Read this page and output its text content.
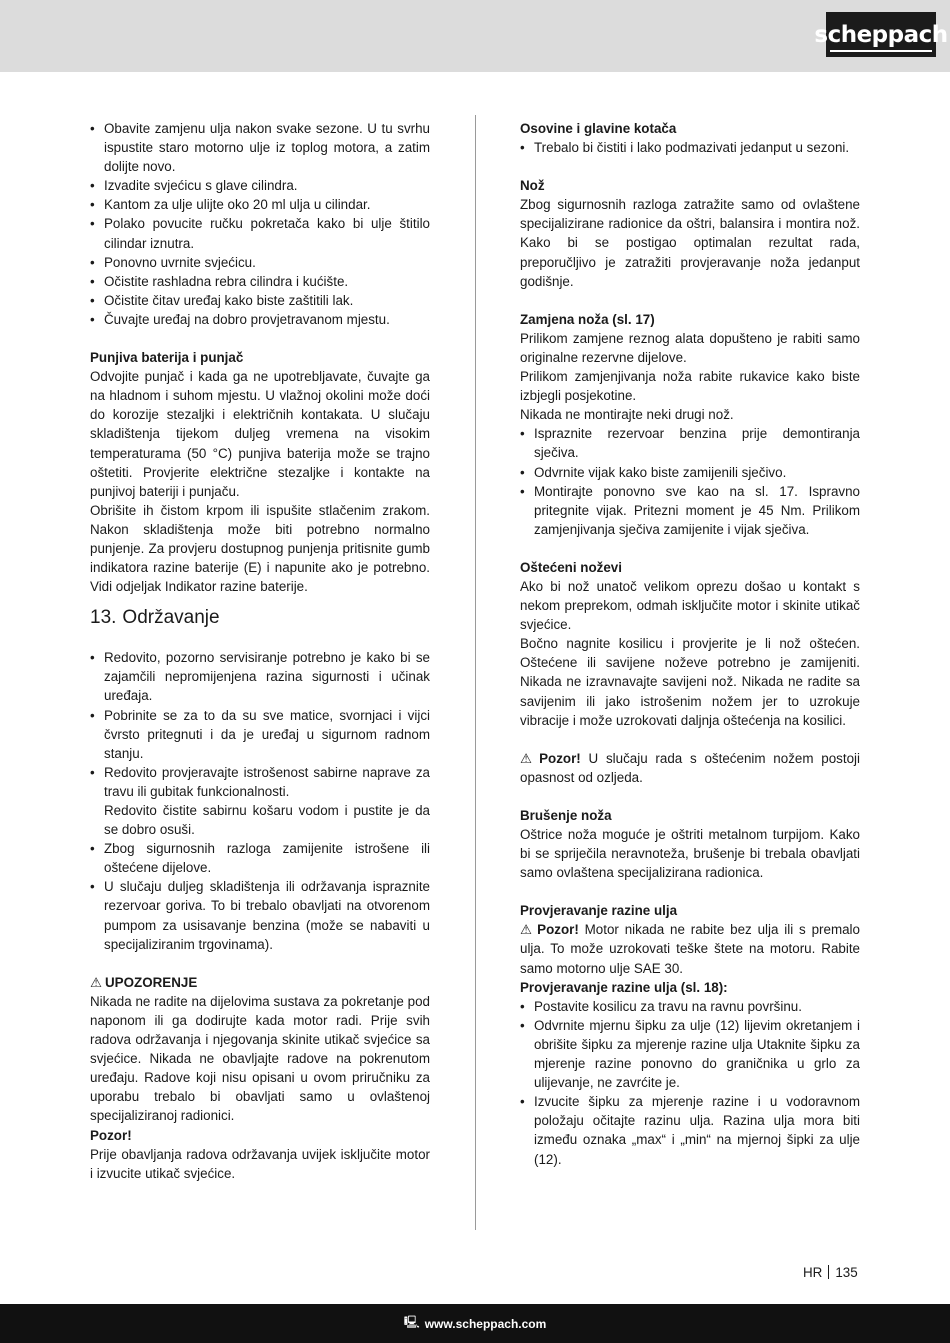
scheppach
• Obavite zamjenu ulja nakon svake sezone. U tu svrhu ispustite staro motorno ulje iz toplog motora, a zatim dolijte novo.
• Izvadite svjećicu s glave cilindra.
• Kantom za ulje ulijte oko 20 ml ulja u cilindar.
• Polako povucite ručku pokretača kako bi ulje štitilo cilindar iznutra.
• Ponovno uvrnite svjećicu.
• Očistite rashladna rebra cilindra i kućište.
• Očistite čitav uređaj kako biste zaštitili lak.
• Čuvajte uređaj na dobro provjetravanom mjestu.
Punjiva baterija i punjač

Odvojite punjač i kada ga ne upotrebljavate, čuvajte ga na hladnom i suhom mjestu. U vlažnoj okolini može doći do korozije stezaljki i električnih kontakata. U slučaju skladištenja tijekom duljeg vremena na visokim temperaturama (50 °C) punjiva baterija može se trajno oštetiti. Provjerite električne stezaljke i kontakte na punjivoj bateriji i punjaču.

Obrišite ih čistom krpom ili ispušite stlačenim zrakom. Nakon skladištenja može biti potrebno normalno punjenje. Za provjeru dostupnog punjenja pritisnite gumb indikatora razine baterije (E) i napunite ako je potrebno. Vidi odjeljak Indikator razine baterije.

13. Održavanje
• Redovito, pozorno servisiranje potrebno je kako bi se zajamčili nepromijenjena razina sigurnosti i učinak uređaja.
• Pobrinite se za to da su sve matice, svornjaci i vijci čvrsto pritegnuti i da je uređaj u sigurnom radnom stanju.
• Redovito provjeravajte istrošenost sabirne naprave za travu ili gubitak funkcionalnosti.
Redovito čistite sabirnu košaru vodom i pustite je da se dobro osuši.
• Zbog sigurnosnih razloga zamijenite istrošene ili oštećene dijelove.
• U slučaju duljeg skladištenja ili održavanja ispraznite rezervoar goriva. To bi trebalo obavljati na otvorenom pumpom za usisavanje benzina (može se nabaviti u specijaliziranim trgovinama).
⚠ UPOZORENJE

Nikada ne radite na dijelovima sustava za pokretanje pod naponom ili ga dodirujte kada motor radi. Prije svih radova održavanja i njegovanja skinite utikač svjećice sa svjećice. Nikada ne obavljajte radove na pokrenutom uređaju. Radove koji nisu opisani u ovom priručniku za uporabu trebalo bi obavljati samo u ovlaštenoj specijaliziranoj radionici.

Pozor!

Prije obavljanja radova održavanja uvijek isključite motor i izvucite utikač svjećice.

Osovine i glavine kotača
• Trebalo bi čistiti i lako podmazivati jedanput u sezoni.
Nož

Zbog sigurnosnih razloga zatražite samo od ovlaštene specijalizirane radionice da oštri, balansira i montira nož. Kako bi se postigao optimalan rezultat rada, preporučljivo je zatražiti provjeravanje noža jedanput godišnje.

Zamjena noža (sl. 17)

Prilikom zamjene reznog alata dopušteno je rabiti samo originalne rezervne dijelove.

Prilikom zamjenjivanja noža rabite rukavice kako biste izbjegli posjekotine.

Nikada ne montirajte neki drugi nož.

• Ispraznite rezervoar benzina prije demontiranja sječiva.
• Odvrnite vijak kako biste zamijenili sječivo.
• Montirajte ponovno sve kao na sl. 17. Ispravno pritegnite vijak. Pritezni moment je 45 Nm. Prilikom zamjenjivanja sječiva zamijenite i vijak sječiva.
Oštećeni noževi

Ako bi nož unatoč velikom oprezu došao u kontakt s nekom preprekom, odmah isključite motor i skinite utikač svjećice.

Bočno nagnite kosilicu i provjerite je li nož oštećen. Oštećene ili savijene noževe potrebno je zamijeniti. Nikada ne izravnavajte savijeni nož. Nikada ne radite sa savijenim ili jako istrošenim nožem jer to uzrokuje vibracije i može uzrokovati daljnja oštećenja na kosilici.

⚠ Pozor! U slučaju rada s oštećenim nožem postoji opasnost od ozljeda.

Brušenje noža

Oštrice noža moguće je oštriti metalnom turpijom. Kako bi se spriječila neravnoteža, brušenje bi trebala obavljati samo ovlaštena specijalizirana radionica.

Provjeravanje razine ulja

⚠ Pozor! Motor nikada ne rabite bez ulja ili s premalo ulja. To može uzrokovati teške štete na motoru. Rabite samo motorno ulje SAE 30.

Provjeravanje razine ulja (sl. 18):
• Postavite kosilicu za travu na ravnu površinu.
• Odvrnite mjernu šipku za ulje (12) lijevim okretanjem i obrišite šipku za mjerenje razine ulja Utaknite šipku za mjerenje razine ponovno do graničnika u grlo za ulijevanje, ne zavrćite je.
• Izvucite šipku za mjerenje razine i u vodoravnom položaju očitajte razinu ulja. Razina ulja mora biti između oznaka „max“ i „min“ na mjernoj šipki za ulje (12).
HR 135
🖳 www.scheppach.com
